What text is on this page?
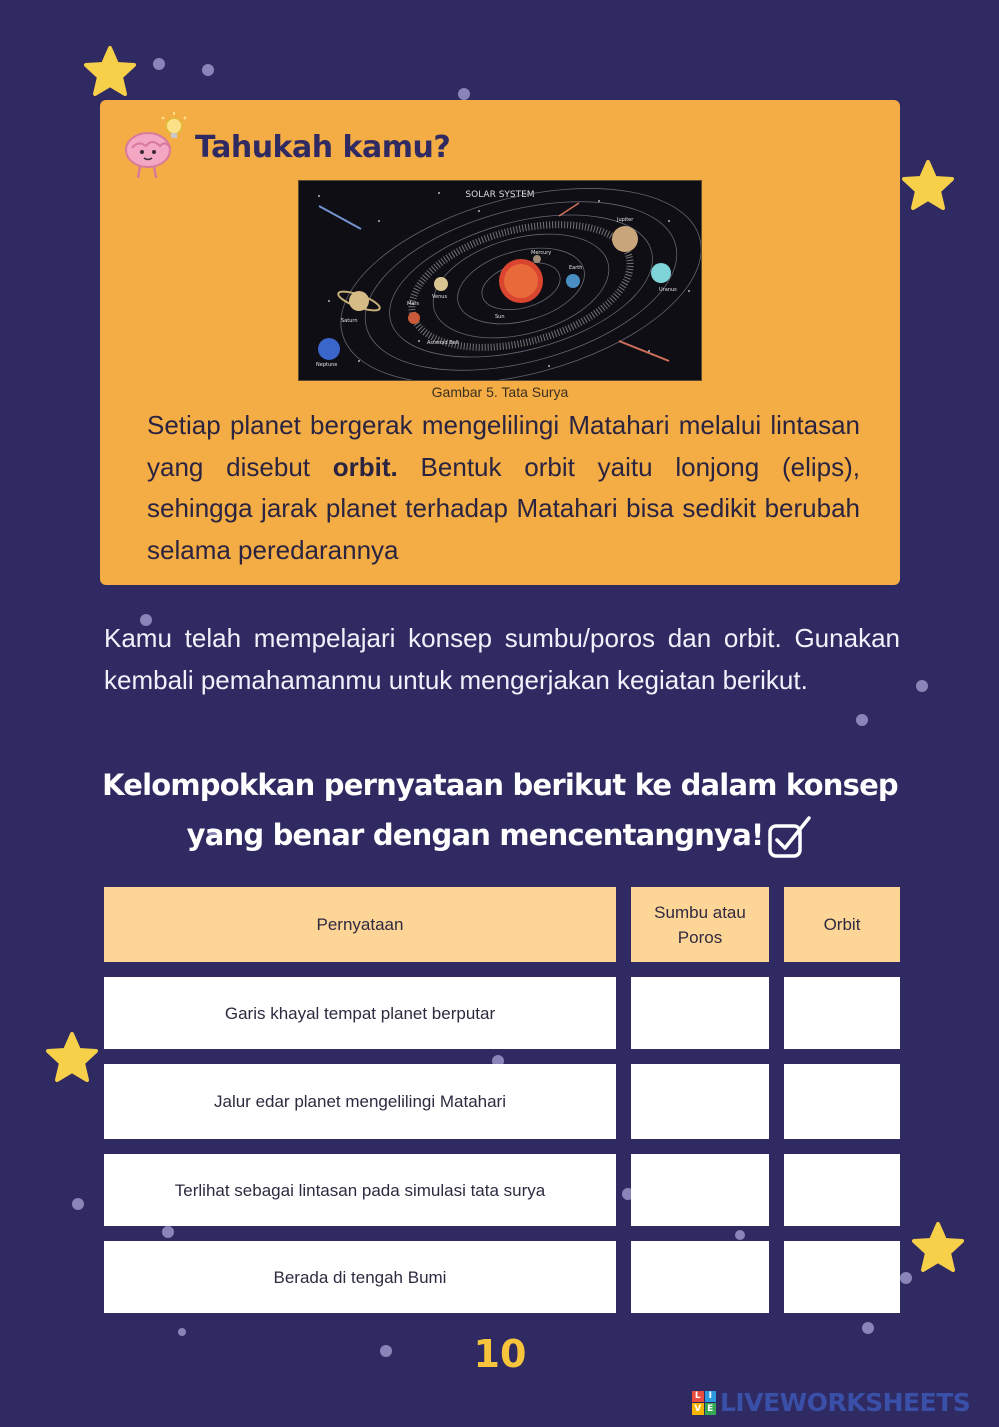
Tahukah kamu?
SOLAR SYSTEM
Jupiter
Mercury
Earth
Uranus
Venus
Mars
Saturn
Sun
Asteroid Belt
Neptune
Gambar 5. Tata Surya
Setiap planet bergerak mengelilingi Matahari melalui lintasan yang disebut orbit. Bentuk orbit yaitu lonjong (elips), sehingga jarak planet terhadap Matahari bisa sedikit berubah selama peredarannya
Kamu telah mempelajari konsep sumbu/poros dan orbit. Gunakan kembali pemahamanmu untuk mengerjakan kegiatan berikut.
Kelompokkan pernyataan berikut ke dalam konsep
yang benar dengan mencentangnya!
Pernyataan
Sumbu atau Poros
Orbit
Garis khayal tempat planet berputar
Jalur edar planet mengelilingi Matahari
Terlihat sebagai lintasan pada simulasi tata surya
Berada di tengah Bumi
10
L I
V E LIVEWORKSHEETS
